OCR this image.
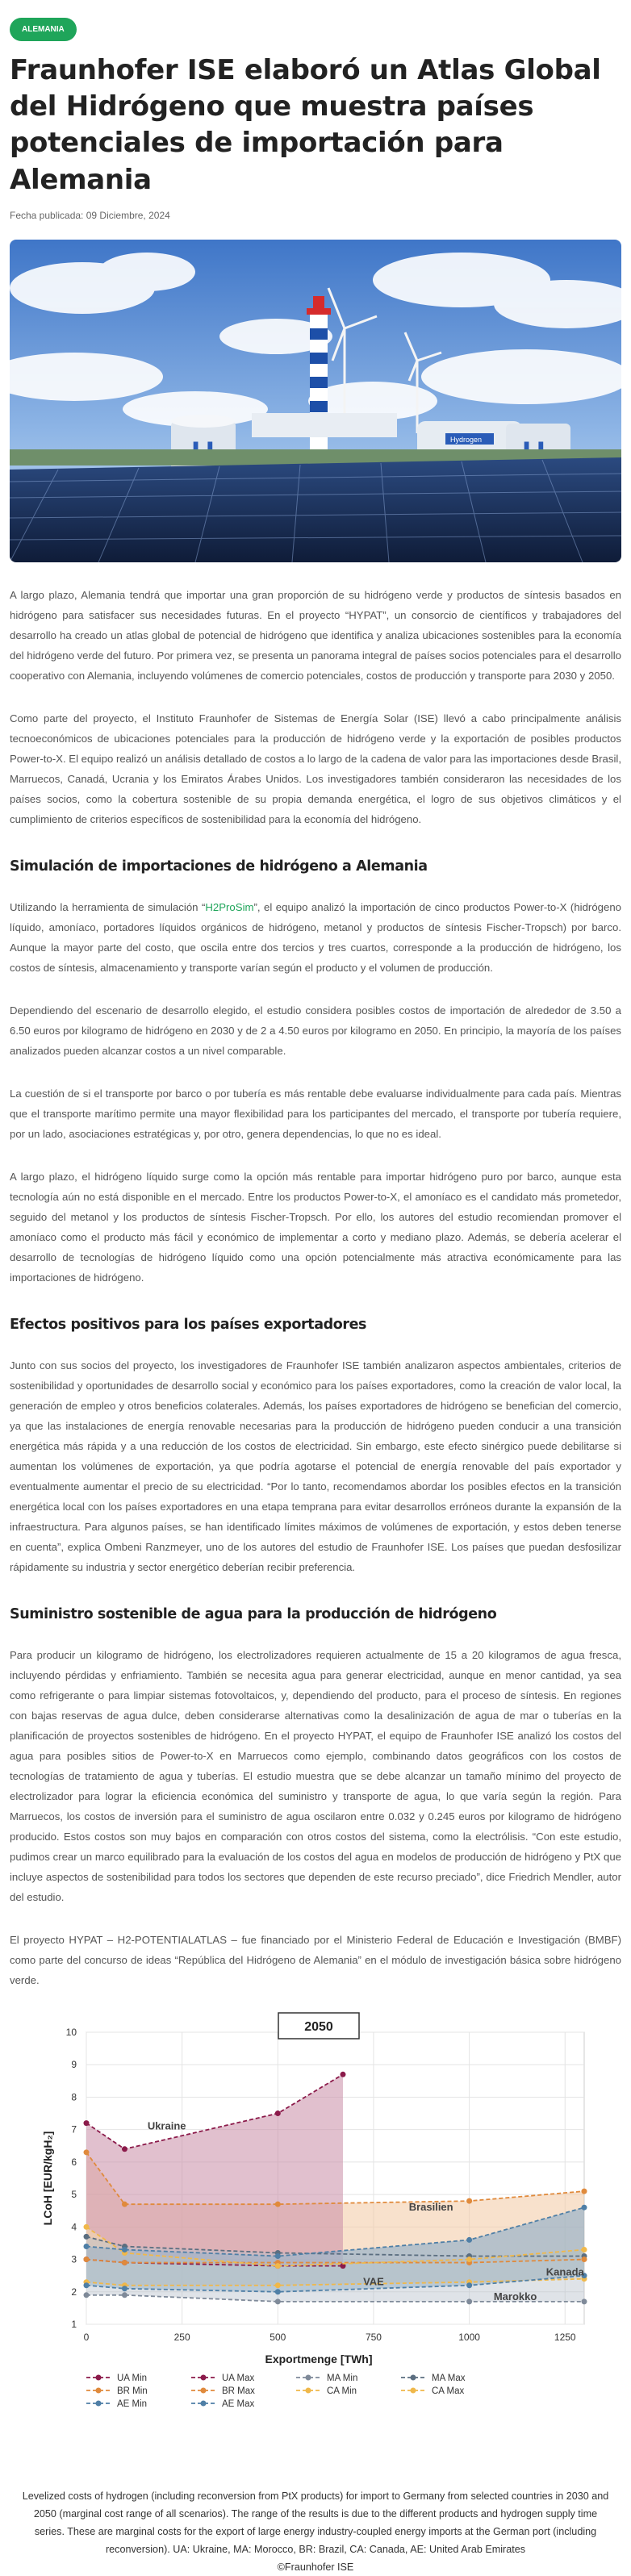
ALEMANIA
Fraunhofer ISE elaboró un Atlas Global del Hidrógeno que muestra países potenciales de importación para Alemania
Fecha publicada: 09 Diciembre, 2024
Hydrogen

A largo plazo, Alemania tendrá que importar una gran proporción de su hidrógeno verde y productos de síntesis basados en hidrógeno para satisfacer sus necesidades futuras. En el proyecto “HYPAT”, un consorcio de científicos y trabajadores del desarrollo ha creado un atlas global de potencial de hidrógeno que identifica y analiza ubicaciones sostenibles para la economía del hidrógeno verde del futuro. Por primera vez, se presenta un panorama integral de países socios potenciales para el desarrollo cooperativo con Alemania, incluyendo volúmenes de comercio potenciales, costos de producción y transporte para 2030 y 2050.

Como parte del proyecto, el Instituto Fraunhofer de Sistemas de Energía Solar (ISE) llevó a cabo principalmente análisis tecnoeconómicos de ubicaciones potenciales para la producción de hidrógeno verde y la exportación de posibles productos Power-to-X. El equipo realizó un análisis detallado de costos a lo largo de la cadena de valor para las importaciones desde Brasil, Marruecos, Canadá, Ucrania y los Emiratos Árabes Unidos. Los investigadores también consideraron las necesidades de los países socios, como la cobertura sostenible de su propia demanda energética, el logro de sus objetivos climáticos y el cumplimiento de criterios específicos de sostenibilidad para la economía del hidrógeno.

Simulación de importaciones de hidrógeno a Alemania

Utilizando la herramienta de simulación “H2ProSim”, el equipo analizó la importación de cinco productos Power-to-X (hidrógeno líquido, amoníaco, portadores líquidos orgánicos de hidrógeno, metanol y productos de síntesis Fischer-Tropsch) por barco. Aunque la mayor parte del costo, que oscila entre dos tercios y tres cuartos, corresponde a la producción de hidrógeno, los costos de síntesis, almacenamiento y transporte varían según el producto y el volumen de producción.

Dependiendo del escenario de desarrollo elegido, el estudio considera posibles costos de importación de alrededor de 3.50 a 6.50 euros por kilogramo de hidrógeno en 2030 y de 2 a 4.50 euros por kilogramo en 2050. En principio, la mayoría de los países analizados pueden alcanzar costos a un nivel comparable.

La cuestión de si el transporte por barco o por tubería es más rentable debe evaluarse individualmente para cada país. Mientras que el transporte marítimo permite una mayor flexibilidad para los participantes del mercado, el transporte por tubería requiere, por un lado, asociaciones estratégicas y, por otro, genera dependencias, lo que no es ideal.

A largo plazo, el hidrógeno líquido surge como la opción más rentable para importar hidrógeno puro por barco, aunque esta tecnología aún no está disponible en el mercado. Entre los productos Power-to-X, el amoníaco es el candidato más prometedor, seguido del metanol y los productos de síntesis Fischer-Tropsch. Por ello, los autores del estudio recomiendan promover el amoníaco como el producto más fácil y económico de implementar a corto y mediano plazo. Además, se debería acelerar el desarrollo de tecnologías de hidrógeno líquido como una opción potencialmente más atractiva económicamente para las importaciones de hidrógeno.

Efectos positivos para los países exportadores

Junto con sus socios del proyecto, los investigadores de Fraunhofer ISE también analizaron aspectos ambientales, criterios de sostenibilidad y oportunidades de desarrollo social y económico para los países exportadores, como la creación de valor local, la generación de empleo y otros beneficios colaterales. Además, los países exportadores de hidrógeno se benefician del comercio, ya que las instalaciones de energía renovable necesarias para la producción de hidrógeno pueden conducir a una transición energética más rápida y a una reducción de los costos de electricidad. Sin embargo, este efecto sinérgico puede debilitarse si aumentan los volúmenes de exportación, ya que podría agotarse el potencial de energía renovable del país exportador y eventualmente aumentar el precio de su electricidad. “Por lo tanto, recomendamos abordar los posibles efectos en la transición energética local con los países exportadores en una etapa temprana para evitar desarrollos erróneos durante la expansión de la infraestructura. Para algunos países, se han identificado límites máximos de volúmenes de exportación, y estos deben tenerse en cuenta”, explica Ombeni Ranzmeyer, uno de los autores del estudio de Fraunhofer ISE. Los países que puedan desfosilizar rápidamente su industria y sector energético deberían recibir preferencia.

Suministro sostenible de agua para la producción de hidrógeno

Para producir un kilogramo de hidrógeno, los electrolizadores requieren actualmente de 15 a 20 kilogramos de agua fresca, incluyendo pérdidas y enfriamiento. También se necesita agua para generar electricidad, aunque en menor cantidad, ya sea como refrigerante o para limpiar sistemas fotovoltaicos, y, dependiendo del producto, para el proceso de síntesis. En regiones con bajas reservas de agua dulce, deben considerarse alternativas como la desalinización de agua de mar o tuberías en la planificación de proyectos sostenibles de hidrógeno. En el proyecto HYPAT, el equipo de Fraunhofer ISE analizó los costos del agua para posibles sitios de Power-to-X en Marruecos como ejemplo, combinando datos geográficos con los costos de tecnologías de tratamiento de agua y tuberías. El estudio muestra que se debe alcanzar un tamaño mínimo del proyecto de electrolizador para lograr la eficiencia económica del suministro y transporte de agua, lo que varía según la región. Para Marruecos, los costos de inversión para el suministro de agua oscilaron entre 0.032 y 0.245 euros por kilogramo de hidrógeno producido. Estos costos son muy bajos en comparación con otros costos del sistema, como la electrólisis. “Con este estudio, pudimos crear un marco equilibrado para la evaluación de los costos del agua en modelos de producción de hidrógeno y PtX que incluye aspectos de sostenibilidad para todos los sectores que dependen de este recurso preciado”, dice Friedrich Mendler, autor del estudio.

El proyecto HYPAT – H2-POTENTIALATLAS – fue financiado por el Ministerio Federal de Educación e Investigación (BMBF) como parte del concurso de ideas “República del Hidrógeno de Alemania” en el módulo de investigación básica sobre hidrógeno verde.

1
2
3
4
5
6
7
8
9
10
0	250	500	750	1000	1250
Ukraine
Brasilien
VAE
Kanada
Marokko
2050
Exportmenge [TWh]
LCoH [EUR/kgH₂]
UA Min	UA Max	MA Min	MA Max
BR Min	BR Max	CA Min	CA Max
AE Min	AE Max

Levelized costs of hydrogen (including reconversion from PtX products) for import to Germany from selected countries in 2030 and 2050 (marginal cost range of all scenarios). The range of the results is due to the different products and hydrogen supply time series. These are marginal costs for the export of large energy industry-coupled energy imports at the German port (including reconversion). UA: Ukraine, MA: Morocco, BR: Brazil, CA: Canada, AE: United Arab Emirates

©Fraunhofer ISE
